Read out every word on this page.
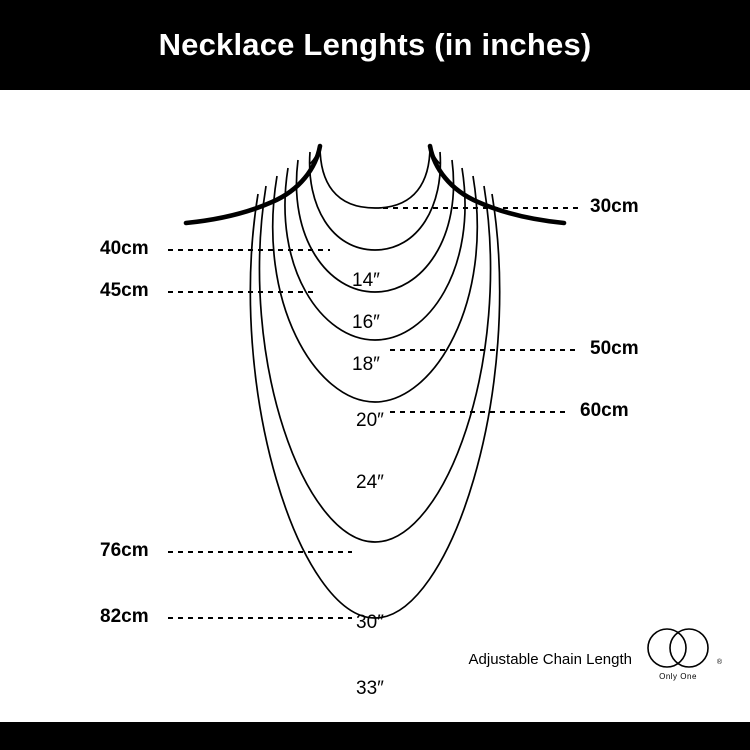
Necklace Lenghts (in inches)
14″
16″
18″
20″
24″
30″
33″
30cm
50cm
60cm
40cm
45cm
76cm
82cm
Adjustable Chain Length	®
Only One
